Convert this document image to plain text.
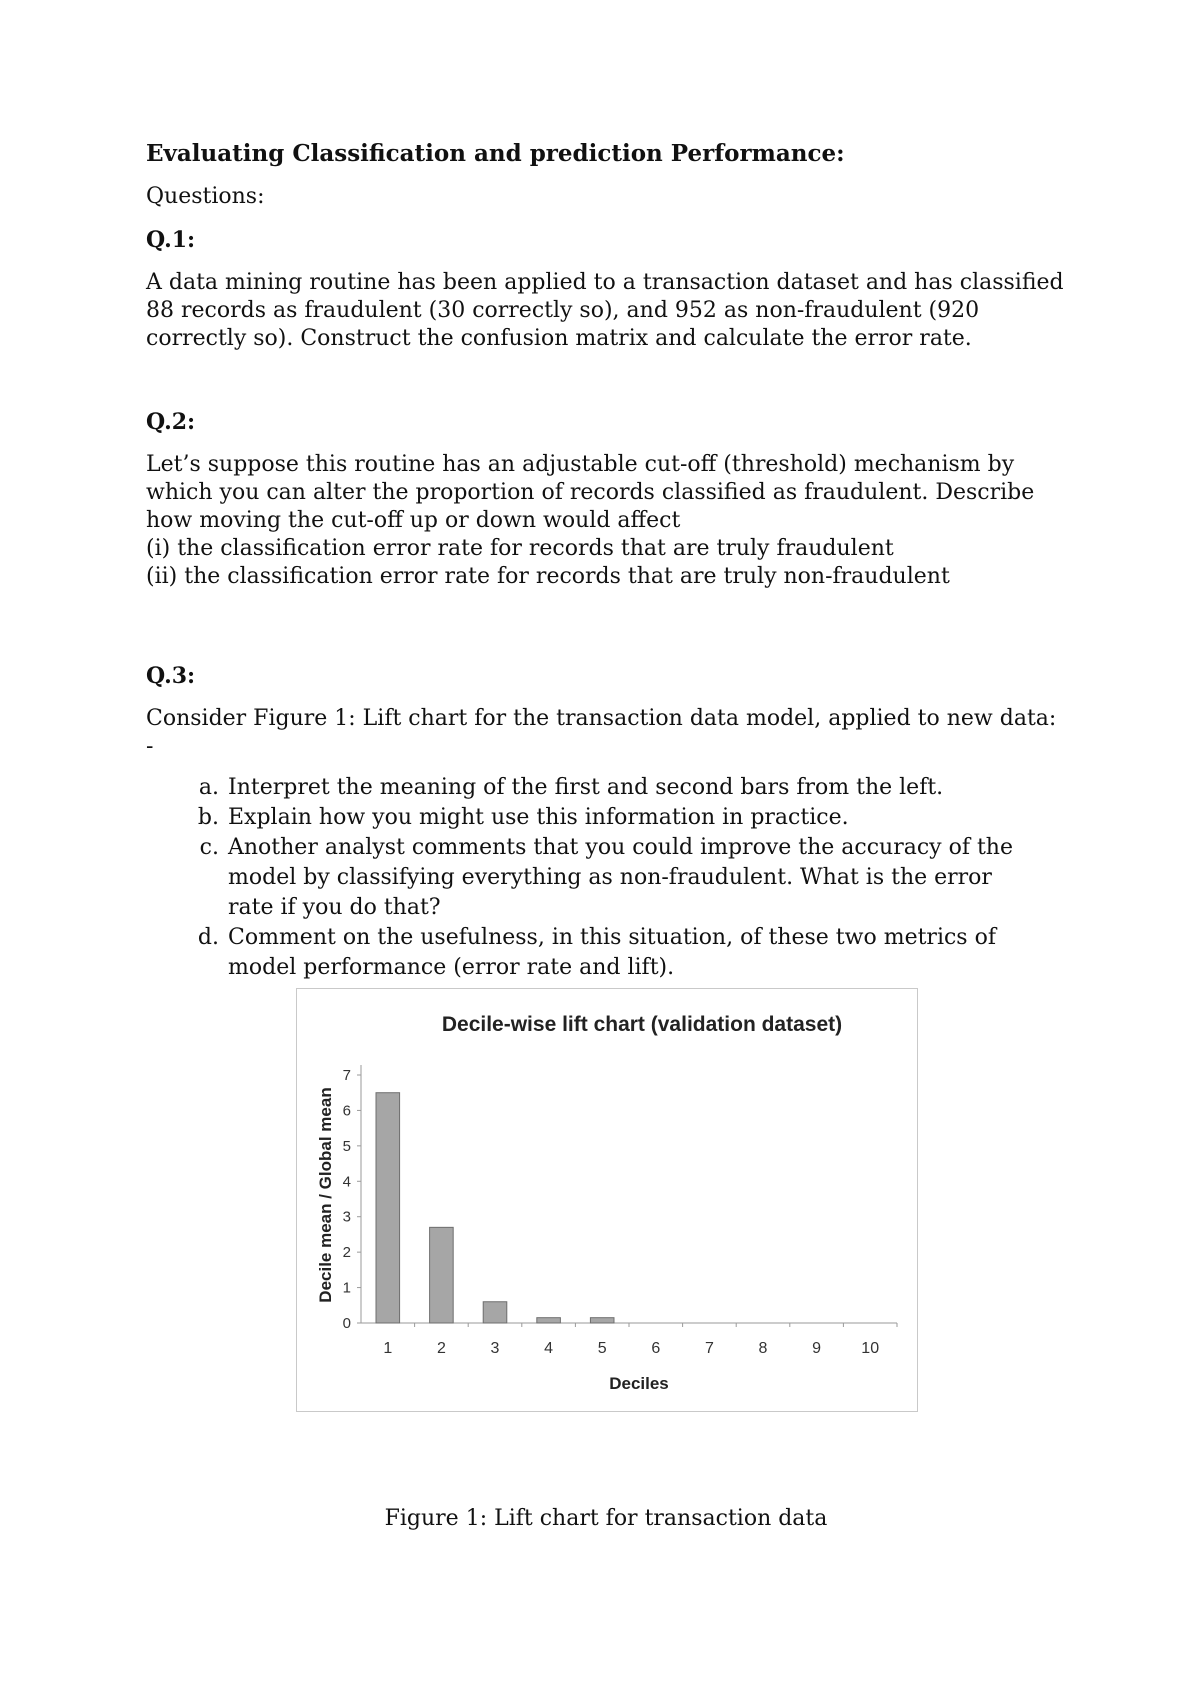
Evaluating Classification and prediction Performance:

Questions:

Q.1:

A data mining routine has been applied to a transaction dataset and has classified 88 records as fraudulent (30 correctly so), and 952 as non-fraudulent (920 correctly so). Construct the confusion matrix and calculate the error rate.

Q.2:

Let’s suppose this routine has an adjustable cut-off (threshold) mechanism by which you can alter the proportion of records classified as fraudulent. Describe how moving the cut-off up or down would affect

(i) the classification error rate for records that are truly fraudulent

(ii) the classification error rate for records that are truly non-fraudulent

Q.3:

Consider Figure 1: Lift chart for the transaction data model, applied to new data: -

a. Interpret the meaning of the first and second bars from the left.
b. Explain how you might use this information in practice.
c. Another analyst comments that you could improve the accuracy of the model by classifying everything as non-fraudulent. What is the error rate if you do that?
d. Comment on the usefulness, in this situation, of these two metrics of model performance (error rate and lift).
Decile-wise lift chart (validation dataset)
Decile mean / Global mean
Deciles
0
1
2
3
4
5
6
7
1	2	3	4	5	6	7	8	9	10

Figure 1: Lift chart for transaction data
